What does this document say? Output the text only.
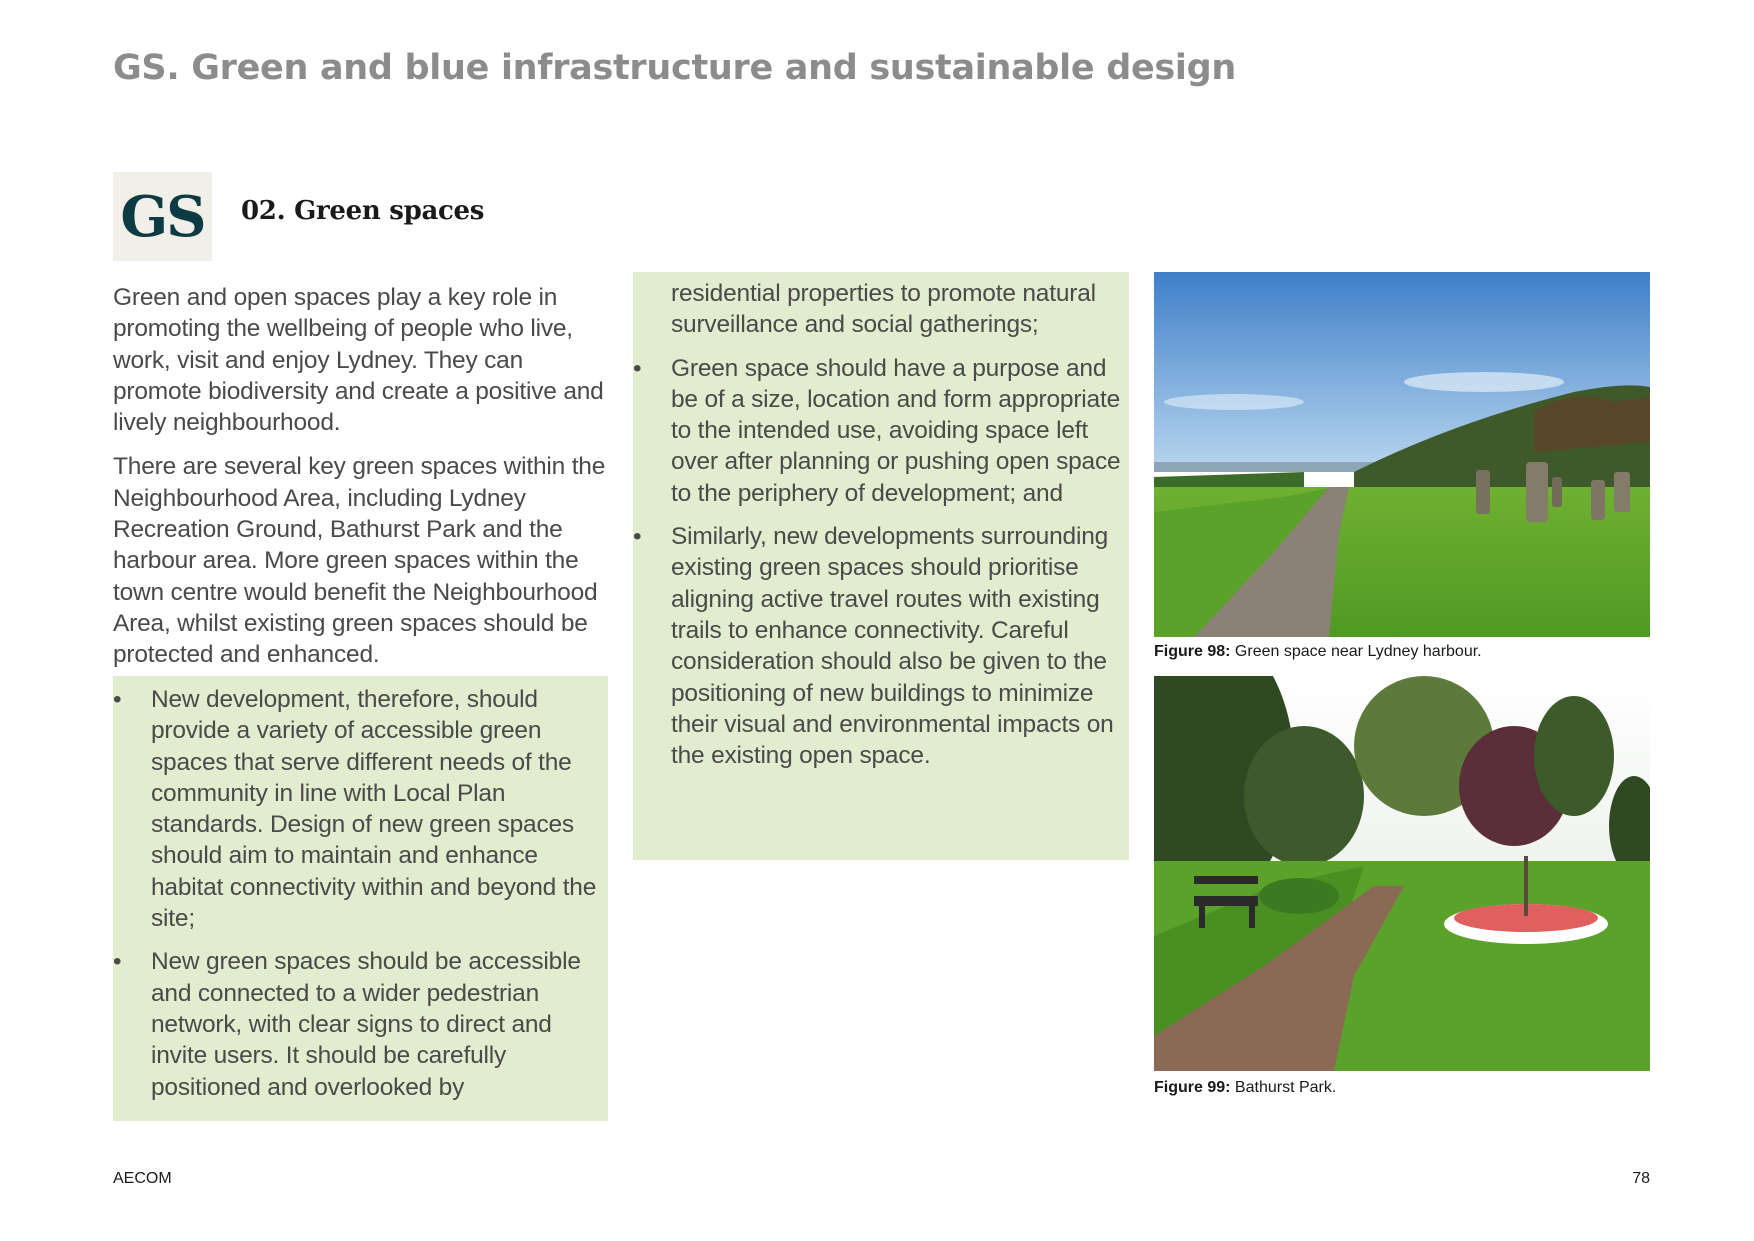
GS. Green and blue infrastructure and sustainable design
GS 02. Green spaces

Green and open spaces play a key role in promoting the wellbeing of people who live, work, visit and enjoy Lydney. They can promote biodiversity and create a positive and lively neighbourhood.

There are several key green spaces within the Neighbourhood Area, including Lydney Recreation Ground, Bathurst Park and the harbour area. More green spaces within the town centre would benefit the Neighbourhood Area, whilst existing green spaces should be protected and enhanced.

• New development, therefore, should provide a variety of accessible green spaces that serve different needs of the community in line with Local Plan standards. Design of new green spaces should aim to maintain and enhance habitat connectivity within and beyond the site;
• New green spaces should be accessible and connected to a wider pedestrian network, with clear signs to direct and invite users. It should be carefully positioned and overlooked by
residential properties to promote natural surveillance and social gatherings;
• Green space should have a purpose and be of a size, location and form appropriate to the intended use, avoiding space left over after planning or pushing open space to the periphery of development; and
• Similarly, new developments surrounding existing green spaces should prioritise aligning active travel routes with existing trails to enhance connectivity. Careful consideration should also be given to the positioning of new buildings to minimize their visual and environmental impacts on the existing open space.
Figure 98: Green space near Lydney harbour.
Figure 99: Bathurst Park.
AECOM	78
